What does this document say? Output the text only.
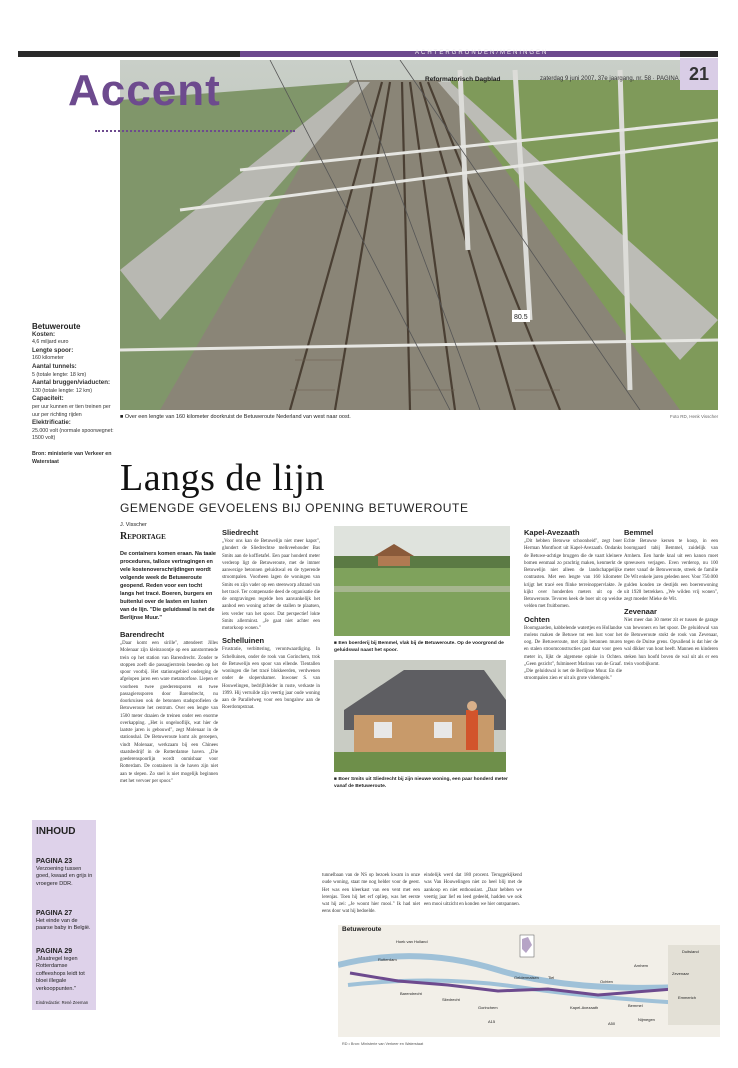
ACHTERGRONDEN/MENINGEN
80.5
Accent	Reformatorisch Dagblad	zaterdag 9 juni 2007, 37e jaargang, nr. 58 · PAGINA 21
Betuweroute
Kosten:
4,6 miljard euro
Lengte spoor:
160 kilometer
Aantal tunnels:
5 (totale lengte: 18 km)
Aantal bruggen/viaducten:
130 (totale lengte: 12 km)
Capaciteit:
per uur kunnen er tien treinen per uur per richting rijden
Elektrificatie:
25.000 volt (normale spoorwegnet: 1500 volt)
Bron: ministerie van Verkeer en Waterstaat
■ Over een lengte van 160 kilometer doorkruist de Betuweroute Nederland van west naar oost.	Foto RD, Henk Visscher
Langs de lijn
GEMENGDE GEVOELENS BIJ OPENING BETUWEROUTE
J. Visscher
Reportage
De containers komen eraan. Na taaie procedures, talloze vertragingen en vele kostenoverschrijdingen wordt volgende week de Betuweroute geopend. Reden voor een tocht langs het tracé. Boeren, burgers en buitenlui over de lasten en lusten van de lijn. "Die geluidswal is net de Berlijnse Muur."
Barendrecht
„Daar komt een sirille", attendeert Jilles Molenaar zijn kleinzoontje op een aanstormende trein op het station van Barendrecht. Zonder te stoppen zoeft die passagierstrein beneden op het spoor voorbij. Het stationsgebied onderging de afgelopen jaren een ware metamorfose. Liepen er voorheen twee goederensporen en twee passagierssporen door Barendrecht, nu doorkruisen ook de betonnen stadsprofielen de Betuweroute het centrum. Over een lengte van 1500 meter draaien de treinen onder een enorme overkapping. „Het is ongelooflijk, wat hier de laatste jaren is gebouwd", zegt Molenaar in de stationshal. De Betuweroute komt als geroepen, vindt Molenaar, werkzaam bij een Chinees staatsbedrijf in de Rotterdamse haven. „Die goederenspoorlijn wordt onmisbaar voor Rotterdam. De containers in de haven zijn niet aan te slepen. Zo snel is niet mogelijk beginnen met het vervoer per spoor."
Sliedrecht
„Voor ons kan de Betuwelijn niet meer kapot", glundert de Sliedrechtse melkveehouder Bas Smits aan de koffietafel. Een paar honderd meter verderop ligt de Betuweroute, met de immer aanwezige betonnen geluidswal en de typerende stroompalen. Voorheen lagen de woningen van Smits en zijn vader op een steenworp afstand van het tracé. Ter compensatie deed de organisatie die de ontgravingen regelde hen aanvankelijk het aanbod een woning achter de stallen te plaatsen, iets verder van het spoor. Dat perspectief lokte Smits allerminst. „Je gaat niet achter een motorkoop wonen."
Schelluinen
Frustratie, verbittering, verontwaardiging. In Schelluinen, onder de rook van Gorinchem, trok de Betuwelijn een spoor van ellende. Tientallen woningen die het tracé blokkeerden, verdwenen onder de slopershamer. Inwoner S. van Houwelingen, bedrijfsleider in ruste, verkaste in 1999. Hij verruilde zijn veertig jaar oude woning aan de Parallelweg voor een bungalow aan de Roerdompstraat.
■ Een boerderij bij Bemmel, vlak bij de Betuweroute. Op de voorgrond de geluidswal naast het spoor.
■ Boer Smits uit Sliedrecht bij zijn nieuwe woning, een paar honderd meter vanaf de Betuweroute.
tunnelbaan van de NS op bezoek kwam in onze oude woning, staat me nog helder voor de geest. Het was een kleerkast van een vent met een lerenjas. Toen hij het erf opliep, was het eerste wat hij zei: „Je woont hier mooi." Ik had niet eens door wat hij bedoelde.
eindelijk werd dat 180 procent. Teruggekijkend was Van Houwelingen niet zo heel blij met de aankoop en niet enthousiast. „Daar hebben we veertig jaar lief en leed gedeeld, hadden we ook een mooi uitzicht en konden we hier ontspannen.
Kapel-Avezaath
„Dit hebben Betuwse schoonheid", zegt boer Herman Montfoort uit Kapel-Avezaath. Ondanks de Betuwe-achtige bruggen die de vaart kleinere bomen eenmaal zo prachtig maken, kenmerkt de Betuwelijn niet alleen de landschappelijke contrasten. Met een lengte van 160 kilometer krijgt het tracé een flinke terreinoppervlakte. Je kijkt over honderden meters uit op de Betuweroute. Tevoren keek de boer uit op weidse velden met fruitbomen.
Ochten
Boomgaarden, kabbelende watertjes en Hollandse molens maken de Betuwe tot een lust voor het oog. De Betuweroute, met zijn betonnen muren en stalen stroomconstructies past daar voor geen meter in, lijkt de algemene opinie in Ochten. „Geen gezicht", fulmineert Marinus van de Graaf. „Die geluidswal is net de Berlijnse Muur. En die stroompalen zien er uit als grote vishengels."
Bemmel
Echte Betuwse kersen te koop, in een boomgaard tabij Bemmel, zuidelijk van Arnhem. Een harde knal uit een kanon moet spreeuwen verjagen. Even verderop, nu 100 meter vanaf de Betuweroute, streek de familie De Wit enkele jaren geleden neer. Voor 750.000 gulden konden ze destijds een boerenwoning uit 1920 betrekken. „We wilden vrij wonen", zegt moeder Mieke de Wit.
Zevenaar
Niet meer dan 30 meter zit er tussen de garage van bewoners en het spoor. De geluidswal van de Betuweroute stokt de rook van Zevenaar, tegen de Duitse grens. Opvallend is dat hier de wal dikker van hout heeft. Mannen en kinderen steken hun hoofd boven de wal uit als er een trein voorbijkomt.
INHOUD
PAGINA 23
Verzoening tussen goed, kwaad en grijs in vroegere DDR.
PAGINA 27
Het einde van de paarse baby in België.
PAGINA 29
„Maatregel tegen Rotterdamse coffeeshops leidt tot bloei illegale verkooppunten."
Eindredactie: René Zeeman
Hoek van Holland
Rotterdam
Barendrecht
Sliedrecht
Gorinchem
Geldermalsen Tiel
Kapel-Avezaath
Ochten
Bemmel
Arnhem
Nijmegen
Zevenaar
Emmerich
Duitsland
A15	A50
Betuweroute
RD • Bron: Ministerie van Verkeer en Waterstaat
